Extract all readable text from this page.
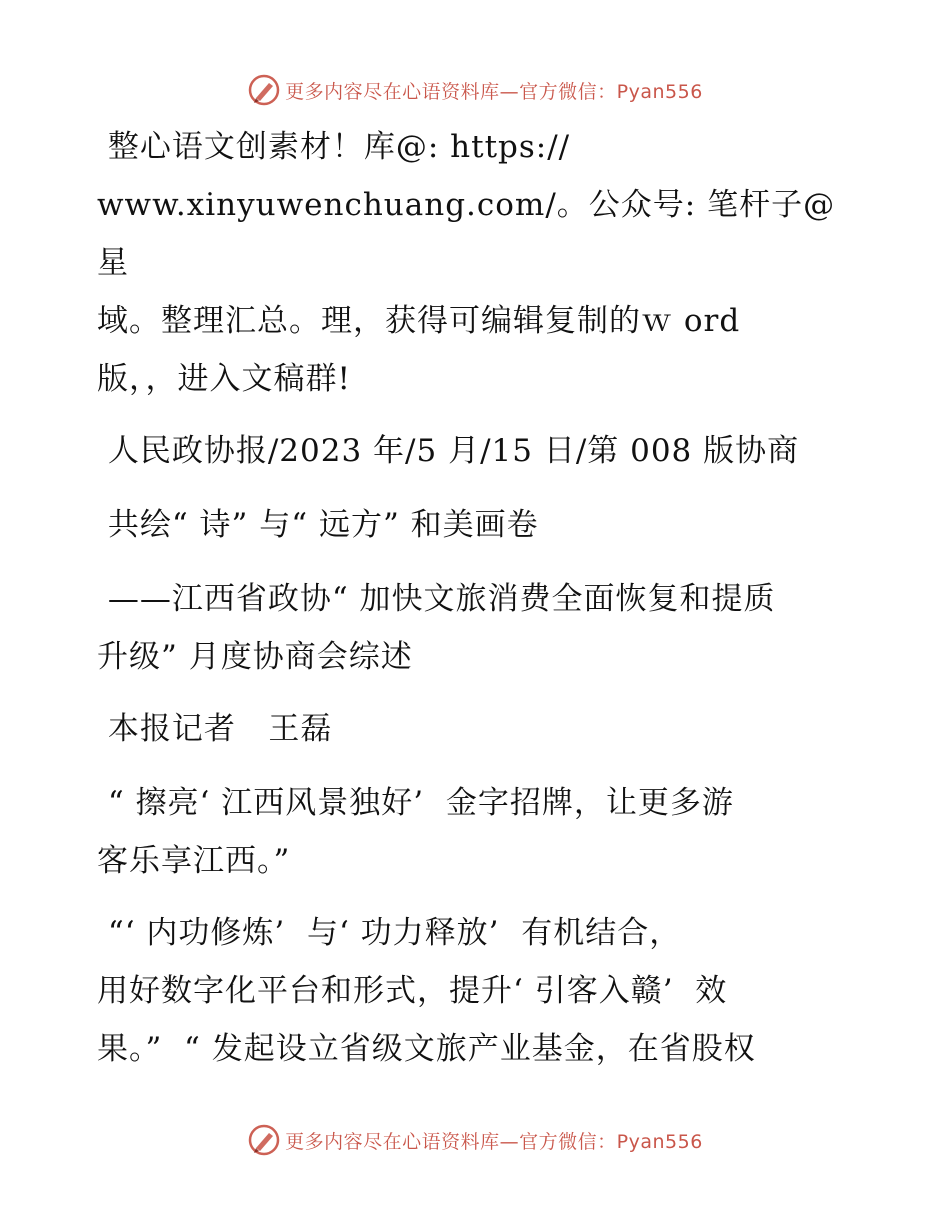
更多内容尽在心语资料库—官方微信：Pyan556

整心语文创素材！库@: https://
www.xinyuwenchuang.com/。公众号: 笔杆子@星
域。整理汇总。理，获得可编辑复制的ｗ ord
版，，进入文稿群!

人民政协报/2023 年/5 月/15 日/第 008 版协商

共绘“ 诗” 与“ 远方” 和美画卷

——江西省政协“ 加快文旅消费全面恢复和提质
升级” 月度协商会综述

本报记者   王磊

“ 擦亮‘ 江西风景独好’  金字招牌，让更多游
客乐享江西。”

“‘ 内功修炼’  与‘ 功力释放’  有机结合，
用好数字化平台和形式，提升‘ 引客入赣’  效
果。”  “ 发起设立省级文旅产业基金，在省股权

更多内容尽在心语资料库—官方微信：Pyan556
